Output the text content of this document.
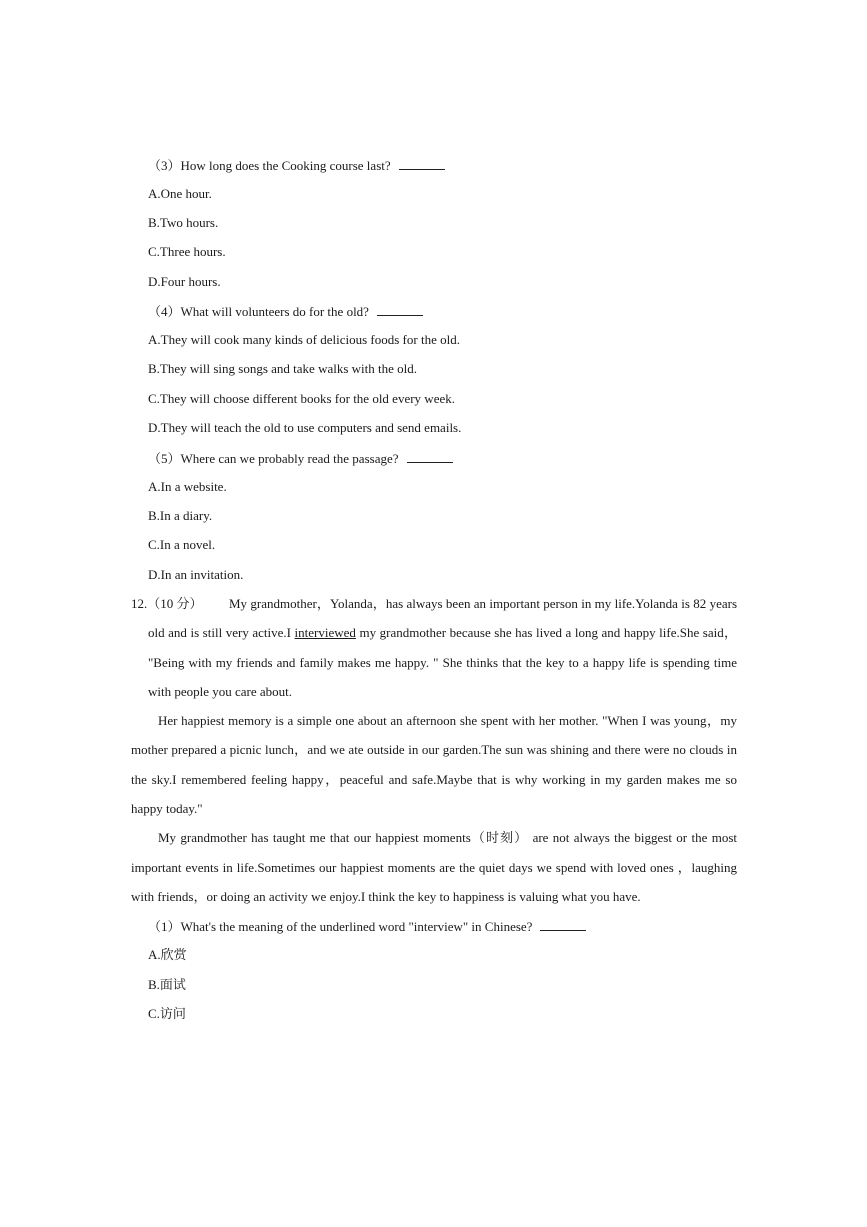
（3）How long does the Cooking course last?
A.One hour.
B.Two hours.
C.Three hours.
D.Four hours.
（4）What will volunteers do for the old?
A.They will cook many kinds of delicious foods for the old.
B.They will sing songs and take walks with the old.
C.They will choose different books for the old every week.
D.They will teach the old to use computers and send emails.
（5）Where can we probably read the passage?
A.In a website.
B.In a diary.
C.In a novel.
D.In an invitation.
12.（10 分） My grandmother，Yolanda，has always been an important person in my life.Yolanda is 82 years
old and is still very active.I interviewed my grandmother because she has lived a long and happy life.She said，
"Being with my friends and family makes me happy. " She thinks that the key to a happy life is spending time
with people you care about.
Her happiest memory is a simple one about an afternoon she spent with her mother. "When I was young，my
mother prepared a picnic lunch，and we ate outside in our garden.The sun was shining and there were no clouds in
the sky.I remembered feeling happy，peaceful and safe.Maybe that is why working in my garden makes me so
happy today."
My grandmother has taught me that our happiest moments（时刻） are not always the biggest or the most
important events in life.Sometimes our happiest moments are the quiet days we spend with loved ones ，laughing
with friends，or doing an activity we enjoy.I think the key to happiness is valuing what you have.
（1）What's the meaning of the underlined word "interview" in Chinese?
A.欣赏
B.面试
C.访问
